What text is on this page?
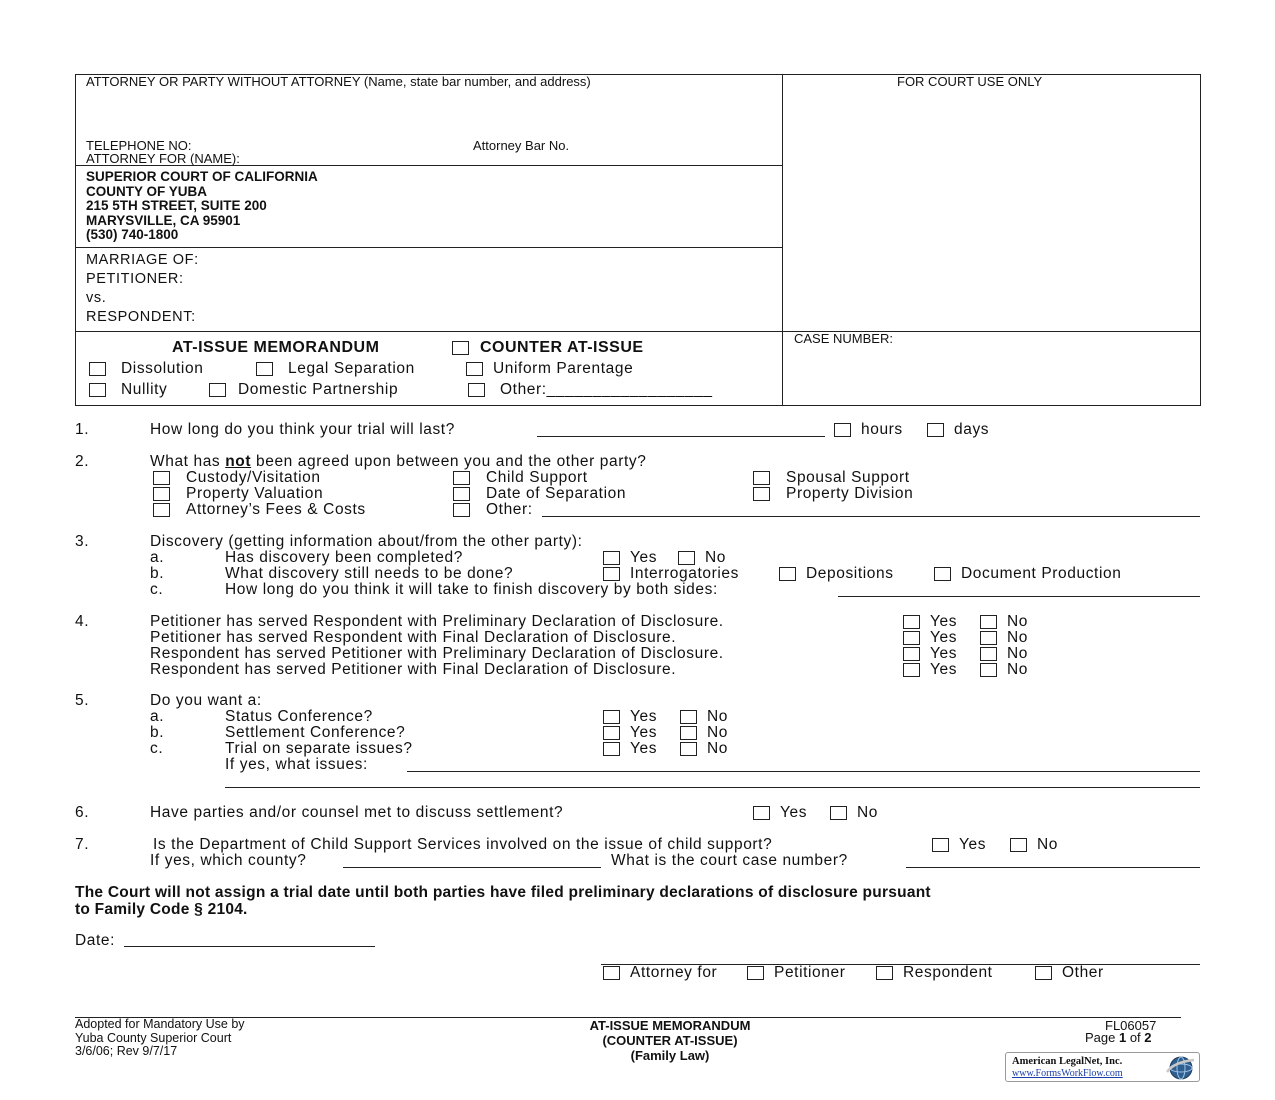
ATTORNEY OR PARTY WITHOUT ATTORNEY (Name, state bar number, and address)	FOR COURT USE ONLY
TELEPHONE NO:	Attorney Bar No.
ATTORNEY FOR (NAME):
SUPERIOR COURT OF CALIFORNIA
COUNTY OF YUBA
215 5TH STREET, SUITE 200
MARYSVILLE, CA 95901
(530) 740-1800
MARRIAGE OF:
PETITIONER:
vs.
RESPONDENT:
CASE NUMBER:
AT-ISSUE MEMORANDUM	COUNTER AT-ISSUE
Dissolution	Legal Separation	Uniform Parentage
Nullity	Domestic Partnership	Other:__________________
1.	How long do you think your trial will last?	hours	days
2.	What has not been agreed upon between you and the other party?
Custody/Visitation	Child Support	Spousal Support
Property Valuation	Date of Separation	Property Division
Attorney’s Fees & Costs	Other:
3.	Discovery (getting information about/from the other party):
a.	Has discovery been completed?	Yes	No
b.	What discovery still needs to be done?	Interrogatories	Depositions	Document Production
c.	How long do you think it will take to finish discovery by both sides:
4.	Petitioner has served Respondent with Preliminary Declaration of Disclosure.	Yes	No
Petitioner has served Respondent with Final Declaration of Disclosure.	Yes	No
Respondent has served Petitioner with Preliminary Declaration of Disclosure.	Yes	No
Respondent has served Petitioner with Final Declaration of Disclosure.	Yes	No
5.	Do you want a:
a.	Status Conference?	Yes	No
b.	Settlement Conference?	Yes	No
c.	Trial on separate issues?	Yes	No
If yes, what issues:
6.	Have parties and/or counsel met to discuss settlement?	Yes	No
7.	Is the Department of Child Support Services involved on the issue of child support?	Yes	No
If yes, which county?	What is the court case number?
The Court will not assign a trial date until both parties have filed preliminary declarations of disclosure pursuant
to Family Code § 2104.
Date:
Attorney for	Petitioner	Respondent	Other
Adopted for Mandatory Use by
Yuba County Superior Court
3/6/06; Rev 9/7/17
AT-ISSUE MEMORANDUM
(COUNTER AT-ISSUE)
(Family Law)
FL06057
Page 1 of 2
American LegalNet, Inc.
www.FormsWorkFlow.com
